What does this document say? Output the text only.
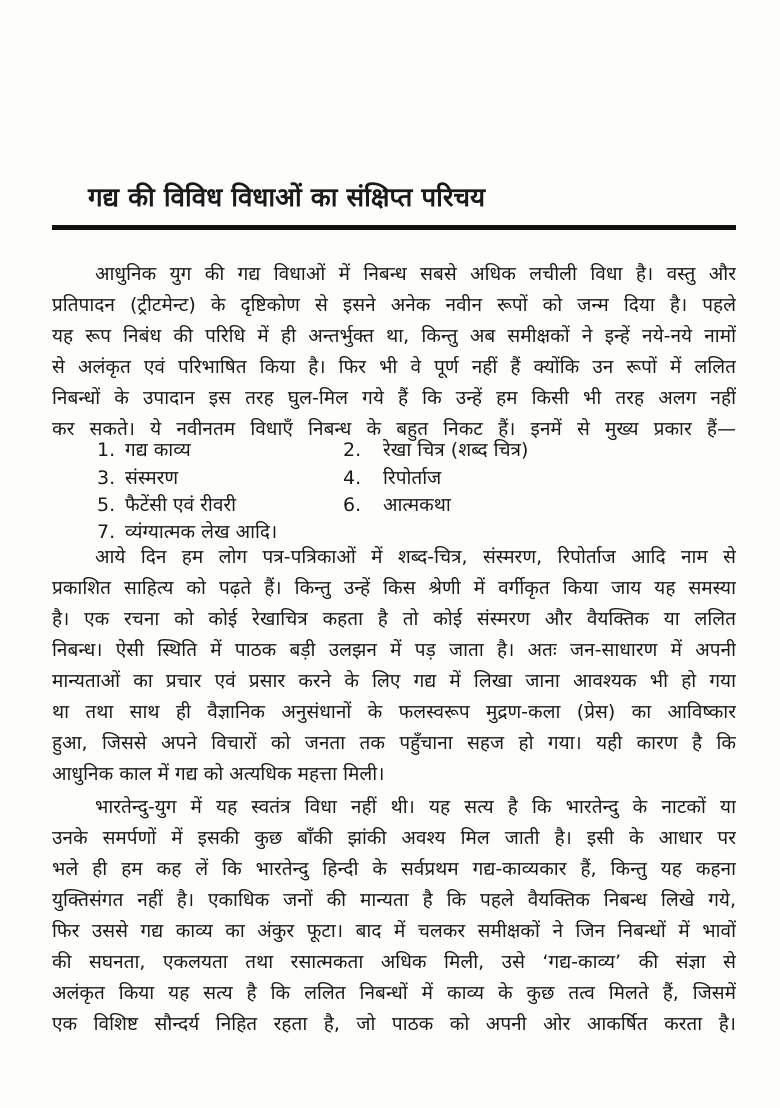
गद्य की विविध विधाओं का संक्षिप्त परिचय
आधुनिक युग की गद्य विधाओं में निबन्ध सबसे अधिक लचीली विधा है। वस्तु और
प्रतिपादन (ट्रीटमेन्ट) के दृष्टिकोण से इसने अनेक नवीन रूपों को जन्म दिया है। पहले
यह रूप निबंध की परिधि में ही अन्तर्भुक्त था, किन्तु अब समीक्षकों ने इन्हें नये-नये नामों
से अलंकृत एवं परिभाषित किया है। फिर भी वे पूर्ण नहीं हैं क्योंकि उन रूपों में ललित
निबन्धों के उपादान इस तरह घुल-मिल गये हैं कि उन्हें हम किसी भी तरह अलग नहीं
कर सकते। ये नवीनतम विधाएँ निबन्ध के बहुत निकट हैं। इनमें से मुख्य प्रकार हैं—
आये दिन हम लोग पत्र-पत्रिकाओं में शब्द-चित्र, संस्मरण, रिपोर्ताज आदि नाम से
प्रकाशित साहित्य को पढ़ते हैं। किन्तु उन्हें किस श्रेणी में वर्गीकृत किया जाय यह समस्या
है। एक रचना को कोई रेखाचित्र कहता है तो कोई संस्मरण और वैयक्तिक या ललित
निबन्ध। ऐसी स्थिति में पाठक बड़ी उलझन में पड़ जाता है। अतः जन-साधारण में अपनी
मान्यताओं का प्रचार एवं प्रसार करने के लिए गद्य में लिखा जाना आवश्यक भी हो गया
था तथा साथ ही वैज्ञानिक अनुसंधानों के फलस्वरूप मुद्रण-कला (प्रेस) का आविष्कार
हुआ, जिससे अपने विचारों को जनता तक पहुँचाना सहज हो गया। यही कारण है कि
आधुनिक काल में गद्य को अत्यधिक महत्ता मिली।
भारतेन्दु-युग में यह स्वतंत्र विधा नहीं थी। यह सत्य है कि भारतेन्दु के नाटकों या
उनके समर्पणों में इसकी कुछ बाँकी झांकी अवश्य मिल जाती है। इसी के आधार पर
भले ही हम कह लें कि भारतेन्दु हिन्दी के सर्वप्रथम गद्य-काव्यकार हैं, किन्तु यह कहना
युक्तिसंगत नहीं है। एकाधिक जनों की मान्यता है कि पहले वैयक्तिक निबन्ध लिखे गये,
फिर उससे गद्य काव्य का अंकुर फूटा। बाद में चलकर समीक्षकों ने जिन निबन्धों में भावों
की सघनता, एकलयता तथा रसात्मकता अधिक मिली, उसे ‘गद्य-काव्य’ की संज्ञा से
अलंकृत किया यह सत्य है कि ललित निबन्धों में काव्य के कुछ तत्व मिलते हैं, जिसमें
एक विशिष्ट सौन्दर्य निहित रहता है, जो पाठक को अपनी ओर आकर्षित करता है।
1. गद्य काव्य	2. रेखा चित्र (शब्द चित्र)
3. संस्मरण	4. रिपोर्ताज
5. फैटेंसी एवं रीवरी	6. आत्मकथा
7. व्यंग्यात्मक लेख आदि।
